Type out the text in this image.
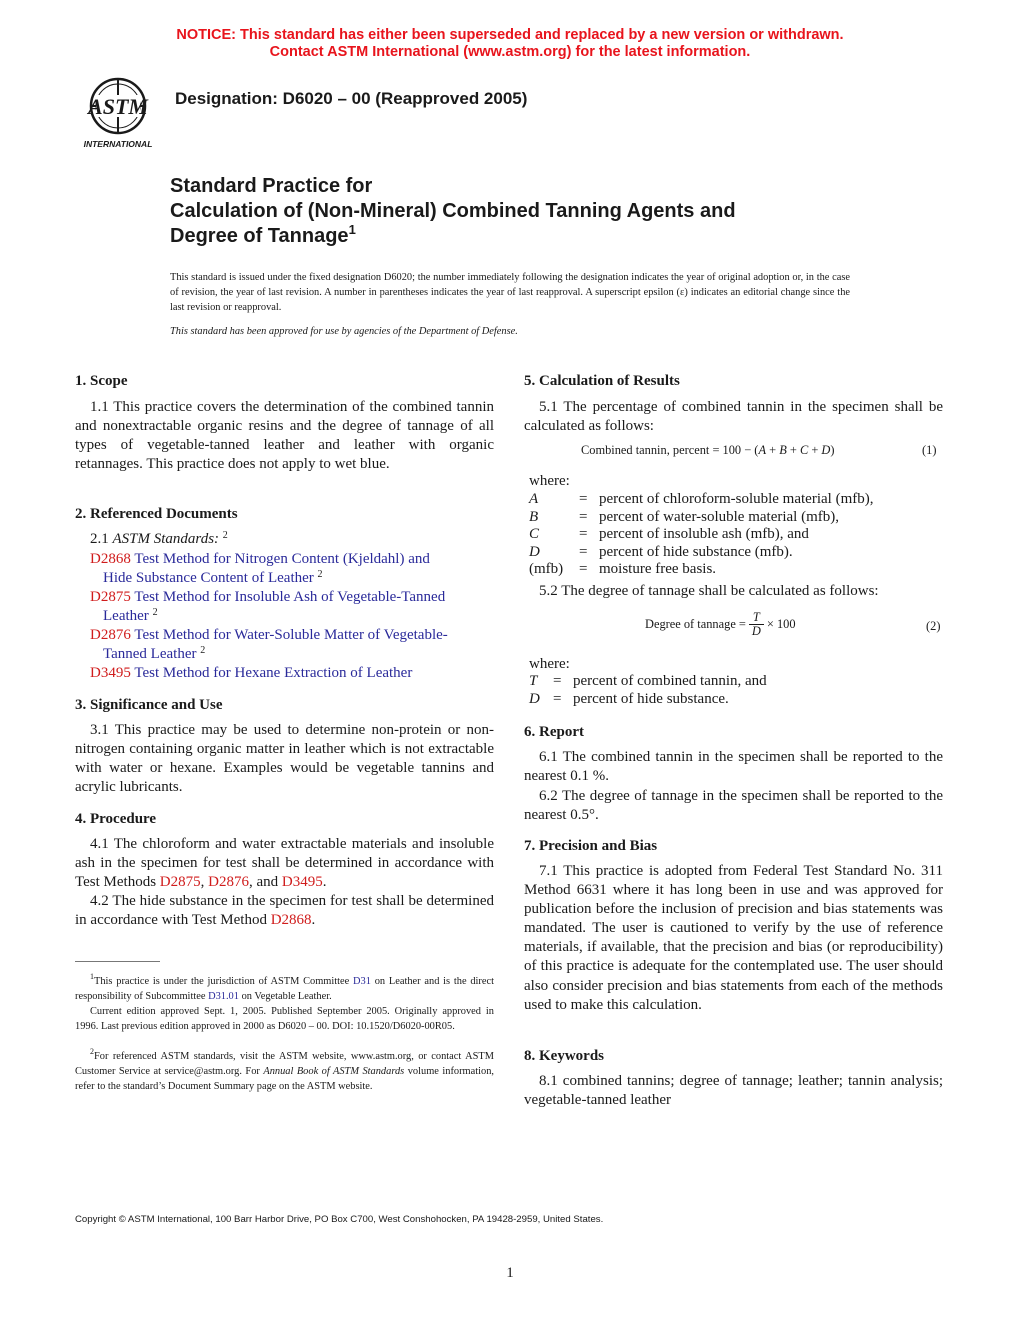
NOTICE: This standard has either been superseded and replaced by a new version or withdrawn.
Contact ASTM International (www.astm.org) for the latest information.
ASTM
INTERNATIONAL
Designation: D6020 – 00 (Reapproved 2005)
Standard Practice for
Calculation of (Non-Mineral) Combined Tanning Agents and
Degree of Tannage$^1$
This standard is issued under the fixed designation D6020; the number immediately following the designation indicates the year of original adoption or, in the case of revision, the year of last revision. A number in parentheses indicates the year of last reapproval. A superscript epsilon (ε) indicates an editorial change since the last revision or reapproval.
This standard has been approved for use by agencies of the Department of Defense.
1. Scope
1.1 This practice covers the determination of the combined tannin and nonextractable organic resins and the degree of tannage of all types of vegetable-tanned leather and leather with organic retannages. This practice does not apply to wet blue.
2. Referenced Documents
2.1 ASTM Standards: $^2$
D2868 Test Method for Nitrogen Content (Kjeldahl) and
Hide Substance Content of Leather $^2$
D2875 Test Method for Insoluble Ash of Vegetable-Tanned
Leather $^2$
D2876 Test Method for Water-Soluble Matter of Vegetable-
Tanned Leather $^2$
D3495 Test Method for Hexane Extraction of Leather
3. Significance and Use
3.1 This practice may be used to determine non-protein or non-nitrogen containing organic matter in leather which is not extractable with water or hexane. Examples would be vegetable tannins and acrylic lubricants.
4. Procedure
4.1 The chloroform and water extractable materials and insoluble ash in the specimen for test shall be determined in accordance with Test Methods D2875, D2876, and D3495.
4.2 The hide substance in the specimen for test shall be determined in accordance with Test Method D2868.
$^1$This practice is under the jurisdiction of ASTM Committee D31 on Leather and is the direct responsibility of Subcommittee D31.01 on Vegetable Leather.
Current edition approved Sept. 1, 2005. Published September 2005. Originally approved in 1996. Last previous edition approved in 2000 as D6020 – 00. DOI: 10.1520/D6020-00R05.
$^2$For referenced ASTM standards, visit the ASTM website, www.astm.org, or contact ASTM Customer Service at service@astm.org. For Annual Book of ASTM Standards volume information, refer to the standard’s Document Summary page on the ASTM website.
5. Calculation of Results
5.1 The percentage of combined tannin in the specimen shall be calculated as follows:
Combined tannin, percent = 100 − (A + B + C + D)	(1)
where:
A	= percent of chloroform-soluble material (mfb),
B	= percent of water-soluble material (mfb),
C	= percent of insoluble ash (mfb), and
D	= percent of hide substance (mfb).
(mfb) = moisture free basis.
5.2 The degree of tannage shall be calculated as follows:
Degree of tannage = $\frac{T}{D} \times 100$	(2)
where:
T = percent of combined tannin, and
D = percent of hide substance.
6. Report
6.1 The combined tannin in the specimen shall be reported to the nearest 0.1 %.
6.2 The degree of tannage in the specimen shall be reported to the nearest 0.5°.
7. Precision and Bias
7.1 This practice is adopted from Federal Test Standard No. 311 Method 6631 where it has long been in use and was approved for publication before the inclusion of precision and bias statements was mandated. The user is cautioned to verify by the use of reference materials, if available, that the precision and bias (or reproducibility) of this practice is adequate for the contemplated use. The user should also consider precision and bias statements from each of the methods used to make this calculation.
8. Keywords
8.1 combined tannins; degree of tannage; leather; tannin analysis; vegetable-tanned leather
Copyright © ASTM International, 100 Barr Harbor Drive, PO Box C700, West Conshohocken, PA 19428-2959, United States.
1
